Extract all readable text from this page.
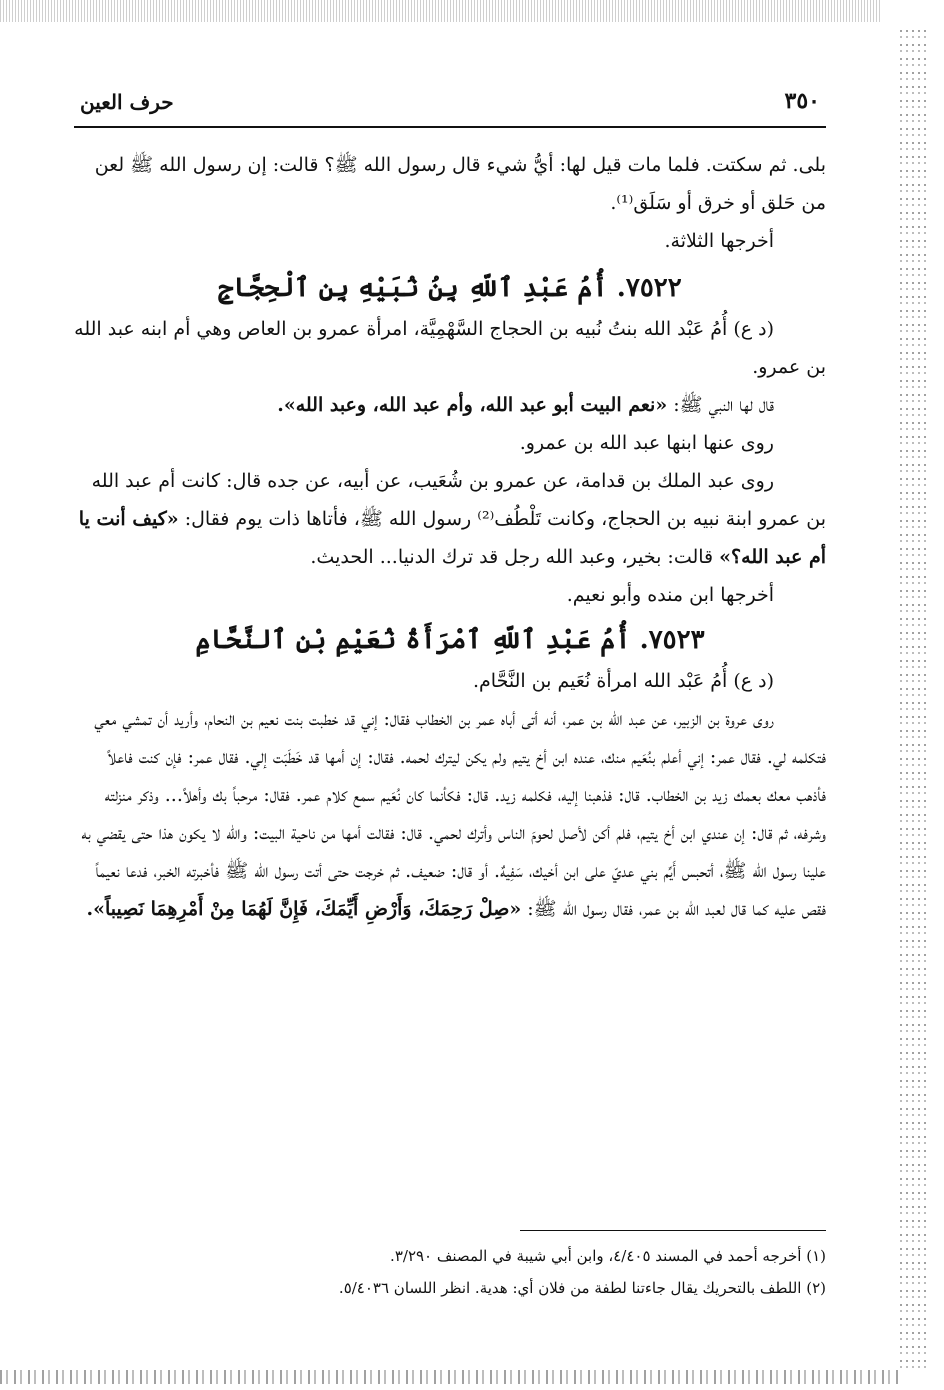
٣٥٠
حرف العين

بلى. ثم سكتت. فلما مات قيل لها: أيُّ شيء قال رسول الله ﷺ؟ قالت: إن رسول الله ﷺ لعن من حَلق أو خرق أو سَلَق⁽¹⁾.

أخرجها الثلاثة.

٧٥٢٢. أُمُ عَبْدِ ٱللّهِ بِنُ نُبَيْهِ بِنِ ٱلْحِجَّاجِ

(د ع) أُمُ عَبْد الله بنتُ نُبيه بن الحجاج السَّهْمِيَّة، امرأة عمرو بن العاص وهي أم ابنه عبد الله بن عمرو.

قال لها النبي ﷺ: «نعم البيت أبو عبد الله، وأم عبد الله، وعبد الله».

روى عنها ابنها عبد الله بن عمرو.

روى عبد الملك بن قدامة، عن عمرو بن شُعَيب، عن أبيه، عن جده قال: كانت أم عبد الله بن عمرو ابنة نبيه بن الحجاج، وكانت تَلْطُف⁽²⁾ رسول الله ﷺ، فأتاها ذات يوم فقال: «كيف أنت يا أم عبد الله؟» قالت: بخير، وعبد الله رجل قد ترك الدنيا... الحديث.

أخرجها ابن منده وأبو نعيم.

٧٥٢٣. أُمُ عَبْدِ ٱللّهِ ٱمْرَأَةُ نُعَيْمِ بْنِ ٱلنَّحَّامِ

(د ع) أُمُ عَبْد الله امرأة نُعَيم بن النَّحَّام.

روى عروة بن الزبير، عن عبد الله بن عمر، أنه أتى أباه عمر بن الخطاب فقال: إني قد خطبت بنت نعيم بن النحام، وأريد أن تمشي معي فتكلمه لي. فقال عمر: إني أعلم بنُعَيم منك، عنده ابن أخ يتيم ولم يكن ليترك لحمه. فقال: إن أمها قد خَطَبَت إلي. فقال عمر: فإن كنت فاعلاً فأذهب معك بعمك زيد بن الخطاب. قال: فذهبنا إليه، فكلمه زيد. قال: فكأنما كان نُعَيم سمع كلام عمر. فقال: مرحباً بك وأهلاً... وذكر منزلته وشرفه، ثم قال: إن عندي ابن أخ يتيم، فلم أكن لأصل لحومَ الناس وأترك لحمي. قال: فقالت أمها من ناحية البيت: والله لا يكون هذا حتى يقضي به علينا رسول الله ﷺ، أتحبس أَيِّم بني عديّ على ابن أخيك، سَفِيهٌ. أو قال: ضعيف. ثم خرجت حتى أتت رسول الله ﷺ فأخبرته الخبر، فدعا نعيماً فقص عليه كما قال لعبد الله بن عمر، فقال رسول الله ﷺ: «صِلْ رَحِمَكَ، وَأَرْضِ أَيِّمَكَ، فَإِنَّ لَهُمَا مِنْ أَمْرِهِمَا نَصِيباً».

(١) أخرجه أحمد في المسند ٤/٤٠٥، وابن أبي شيبة في المصنف ٣/٢٩٠.
(٢) اللطف بالتحريك يقال جاءتنا لطفة من فلان أي: هدية. انظر اللسان ٥/٤٠٣٦.
